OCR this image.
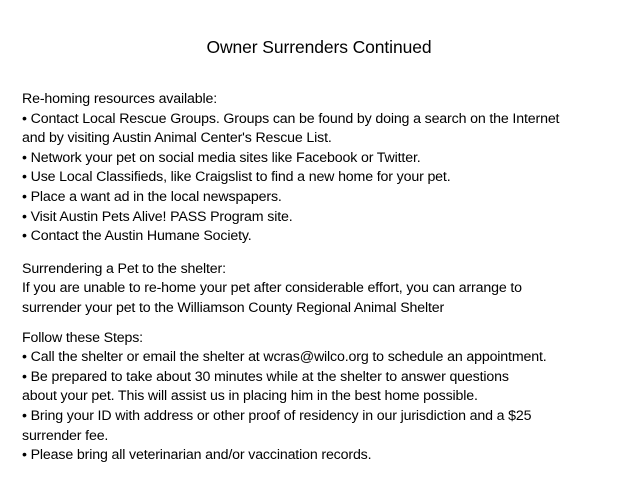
Owner Surrenders Continued
Re-homing resources available:
• Contact Local Rescue Groups. Groups can be found by doing a search on the Internet
and by visiting Austin Animal Center's Rescue List.
• Network your pet on social media sites like Facebook or Twitter.
• Use Local Classifieds, like Craigslist to find a new home for your pet.
• Place a want ad in the local newspapers.
• Visit Austin Pets Alive! PASS Program site.
• Contact the Austin Humane Society.
Surrendering a Pet to the shelter:
If you are unable to re-home your pet after considerable effort, you can arrange to
surrender your pet to the Williamson County Regional Animal Shelter
Follow these Steps:
• Call the shelter or email the shelter at wcras@wilco.org to schedule an appointment.
• Be prepared to take about 30 minutes while at the shelter to answer questions
about your pet. This will assist us in placing him in the best home possible.
• Bring your ID with address or other proof of residency in our jurisdiction and a $25
surrender fee.
• Please bring all veterinarian and/or vaccination records.
